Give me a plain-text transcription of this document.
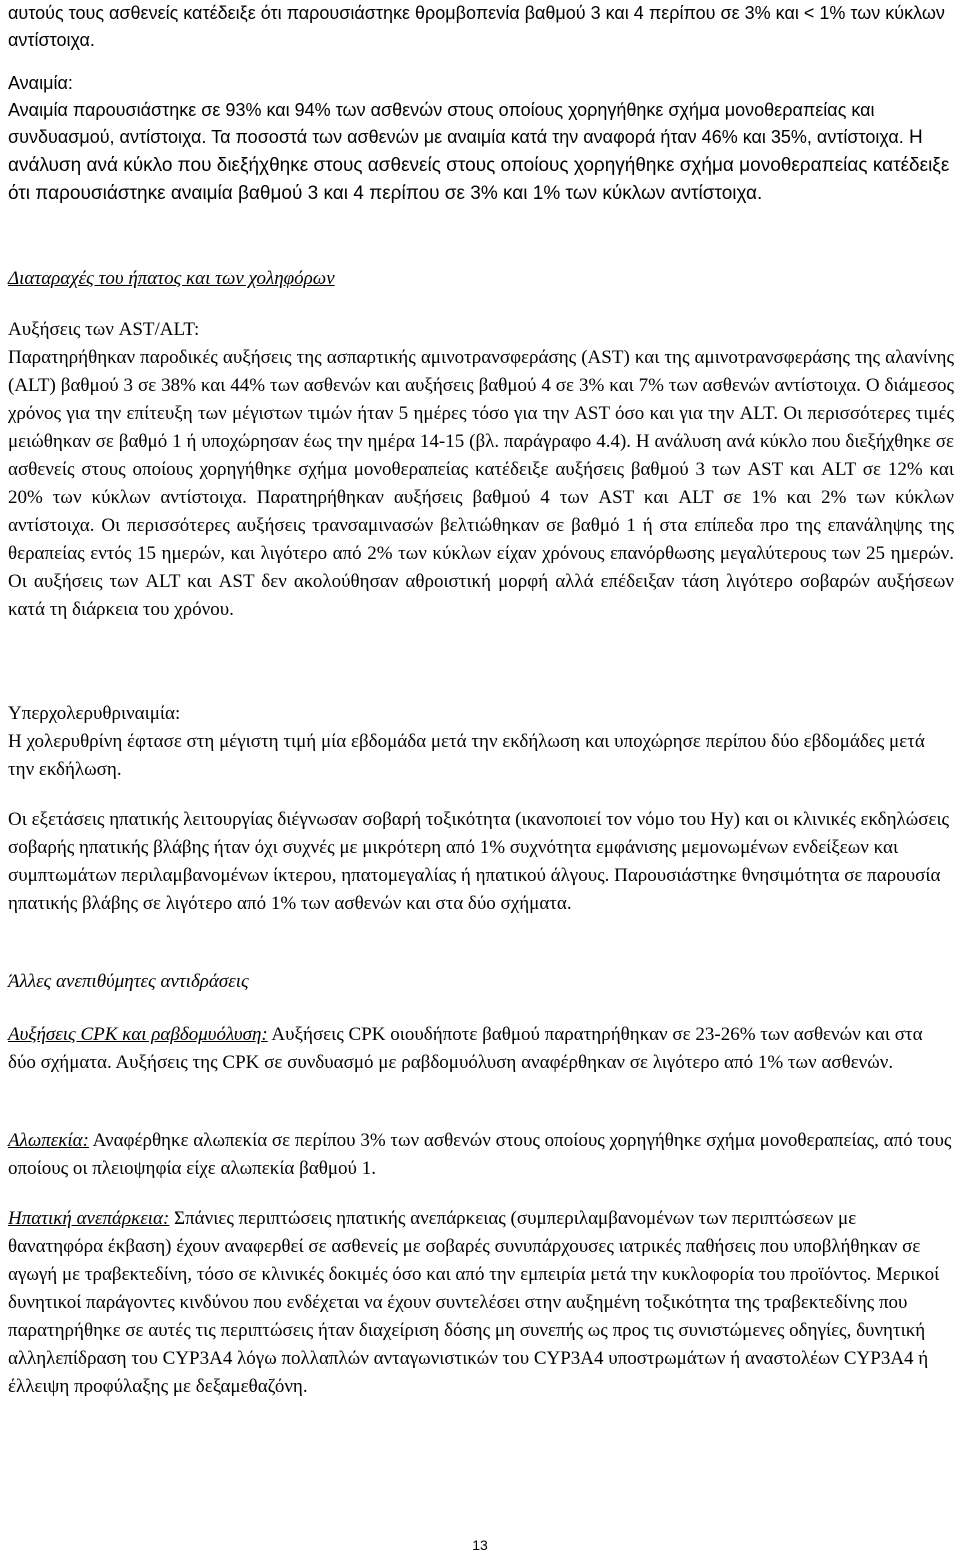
αυτούς τους ασθενείς κατέδειξε ότι παρουσιάστηκε θρομβοπενία βαθμού 3 και 4 περίπου σε 3% και < 1% των κύκλων αντίστοιχα.

Αναιμία:

Αναιμία παρουσιάστηκε σε 93% και 94% των ασθενών στους οποίους χορηγήθηκε σχήμα μονοθεραπείας και συνδυασμού, αντίστοιχα. Τα ποσοστά των ασθενών με αναιμία κατά την αναφορά ήταν 46% και 35%, αντίστοιχα. Η ανάλυση ανά κύκλο που διεξήχθηκε στους ασθενείς στους οποίους χορηγήθηκε σχήμα μονοθεραπείας κατέδειξε ότι παρουσιάστηκε αναιμία βαθμού 3 και 4 περίπου σε 3% και 1% των κύκλων αντίστοιχα.

Διαταραχές του ήπατος και των χοληφόρων

Αυξήσεις των AST/ALT:

Παρατηρήθηκαν παροδικές αυξήσεις της ασπαρτικής αμινοτρανσφεράσης (AST) και της αμινοτρανσφεράσης της αλανίνης (ALT) βαθμού 3 σε 38% και 44% των ασθενών και αυξήσεις βαθμού 4 σε 3% και 7% των ασθενών αντίστοιχα. Ο διάμεσος χρόνος για την επίτευξη των μέγιστων τιμών ήταν 5 ημέρες τόσο για την AST όσο και για την ALT. Οι περισσότερες τιμές μειώθηκαν σε βαθμό 1 ή υποχώρησαν έως την ημέρα 14-15 (βλ. παράγραφο 4.4). Η ανάλυση ανά κύκλο που διεξήχθηκε σε ασθενείς στους οποίους χορηγήθηκε σχήμα μονοθεραπείας κατέδειξε αυξήσεις βαθμού 3 των AST και ALT σε 12% και 20% των κύκλων αντίστοιχα. Παρατηρήθηκαν αυξήσεις βαθμού 4 των AST και ALT σε 1% και 2% των κύκλων αντίστοιχα. Οι περισσότερες αυξήσεις τρανσαμινασών βελτιώθηκαν σε βαθμό 1 ή στα επίπεδα προ της επανάληψης της θεραπείας εντός 15 ημερών, και λιγότερο από 2% των κύκλων είχαν χρόνους επανόρθωσης μεγαλύτερους των 25 ημερών. Οι αυξήσεις των ALT και AST δεν ακολούθησαν αθροιστική μορφή αλλά επέδειξαν τάση λιγότερο σοβαρών αυξήσεων κατά τη διάρκεια του χρόνου.

Υπερχολερυθριναιμία:

Η χολερυθρίνη έφτασε στη μέγιστη τιμή μία εβδομάδα μετά την εκδήλωση και υποχώρησε περίπου δύο εβδομάδες μετά την εκδήλωση.

Οι εξετάσεις ηπατικής λειτουργίας διέγνωσαν σοβαρή τοξικότητα (ικανοποιεί τον νόμο του Hy) και οι κλινικές εκδηλώσεις σοβαρής ηπατικής βλάβης ήταν όχι συχνές με μικρότερη από 1% συχνότητα εμφάνισης μεμονωμένων ενδείξεων και συμπτωμάτων περιλαμβανομένων ίκτερου, ηπατομεγαλίας ή ηπατικού άλγους. Παρουσιάστηκε θνησιμότητα σε παρουσία ηπατικής βλάβης σε λιγότερο από 1% των ασθενών και στα δύο σχήματα.

Άλλες ανεπιθύμητες αντιδράσεις

Αυξήσεις CPK και ραβδομυόλυση: Αυξήσεις CPK οιουδήποτε βαθμού παρατηρήθηκαν σε 23-26% των ασθενών και στα δύο σχήματα. Αυξήσεις της CPK σε συνδυασμό με ραβδομυόλυση αναφέρθηκαν σε λιγότερο από 1% των ασθενών.

Αλωπεκία: Αναφέρθηκε αλωπεκία σε περίπου 3% των ασθενών στους οποίους χορηγήθηκε σχήμα μονοθεραπείας, από τους οποίους οι πλειοψηφία είχε αλωπεκία βαθμού 1.

Ηπατική ανεπάρκεια: Σπάνιες περιπτώσεις ηπατικής ανεπάρκειας (συμπεριλαμβανομένων των περιπτώσεων με θανατηφόρα έκβαση) έχουν αναφερθεί σε ασθενείς με σοβαρές συνυπάρχουσες ιατρικές παθήσεις που υποβλήθηκαν σε αγωγή με τραβεκτεδίνη, τόσο σε κλινικές δοκιμές όσο και από την εμπειρία μετά την κυκλοφορία του προϊόντος. Μερικοί δυνητικοί παράγοντες κινδύνου που ενδέχεται να έχουν συντελέσει στην αυξημένη τοξικότητα της τραβεκτεδίνης που παρατηρήθηκε σε αυτές τις περιπτώσεις ήταν διαχείριση δόσης μη συνεπής ως προς τις συνιστώμενες οδηγίες, δυνητική αλληλεπίδραση του CYP3A4 λόγω πολλαπλών ανταγωνιστικών του CYP3A4 υποστρωμάτων ή αναστολέων CYP3A4 ή έλλειψη προφύλαξης με δεξαμεθαζόνη.

13
